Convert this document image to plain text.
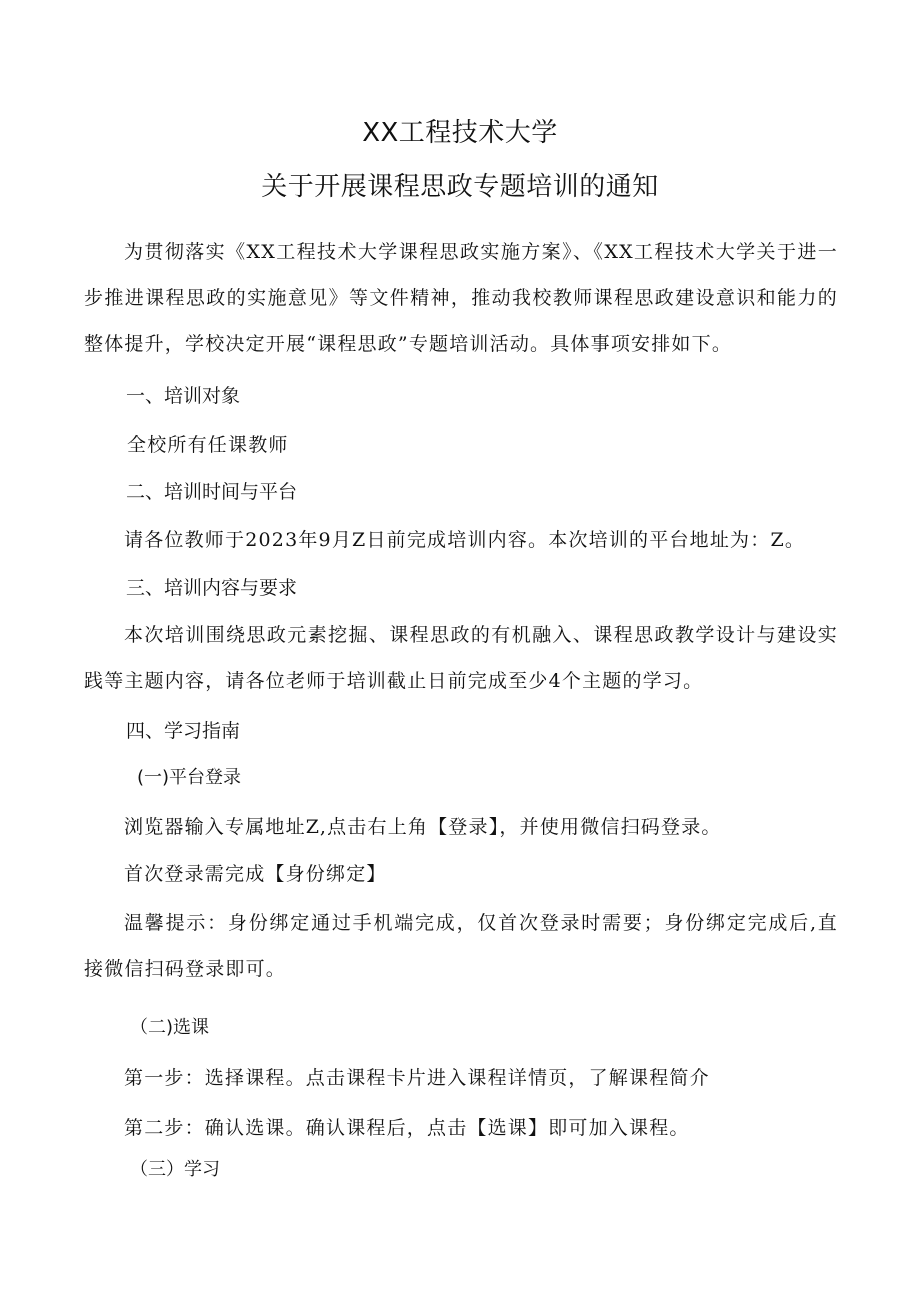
XX工程技术大学
关于开展课程思政专题培训的通知
为贯彻落实《XX工程技术大学课程思政实施方案》、《XX工程技术大学关于进一步推进课程思政的实施意见》等文件精神，推动我校教师课程思政建设意识和能力的整体提升，学校决定开展“课程思政”专题培训活动。具体事项安排如下。
一、培训对象
全校所有任课教师
二、培训时间与平台
请各位教师于2023年9月Z日前完成培训内容。本次培训的平台地址为：Z。
三、培训内容与要求
本次培训围绕思政元素挖掘、课程思政的有机融入、课程思政教学设计与建设实践等主题内容，请各位老师于培训截止日前完成至少4个主题的学习。
四、学习指南
(一)平台登录
浏览器输入专属地址Z,点击右上角【登录】，并使用微信扫码登录。
首次登录需完成【身份绑定】
温馨提示：身份绑定通过手机端完成，仅首次登录时需要；身份绑定完成后,直接微信扫码登录即可。
（二)选课
第一步：选择课程。点击课程卡片进入课程详情页，了解课程简介
第二步：确认选课。确认课程后，点击【选课】即可加入课程。
（三）学习
